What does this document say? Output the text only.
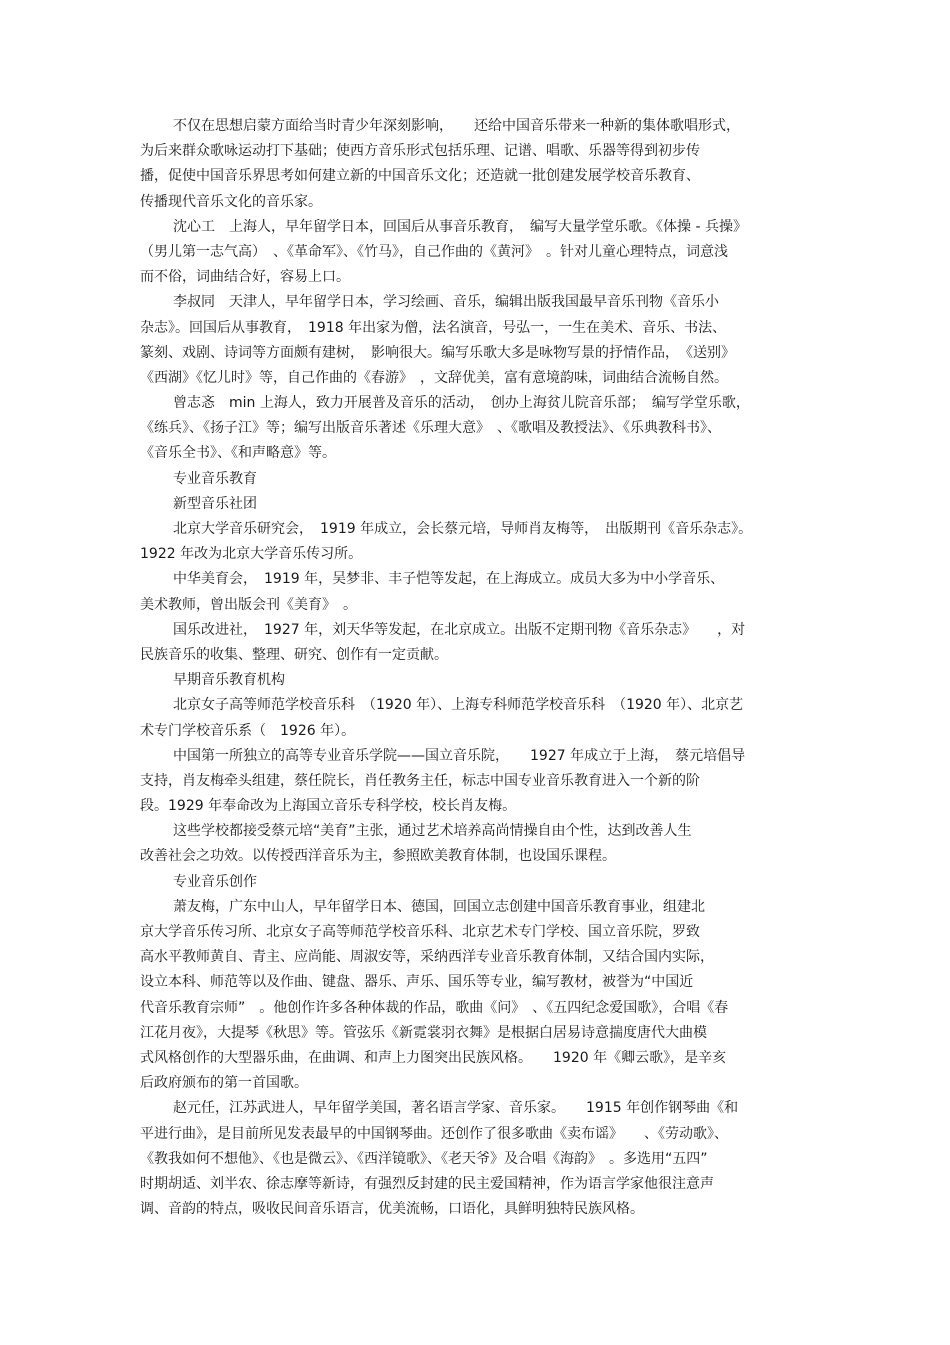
不仅在思想启蒙方面给当时青少年深刻影响，　　还给中国音乐带来一种新的集体歌唱形式，
为后来群众歌咏运动打下基础；使西方音乐形式包括乐理、记谱、唱歌、乐器等得到初步传
播，促使中国音乐界思考如何建立新的中国音乐文化；还造就一批创建发展学校音乐教育、
传播现代音乐文化的音乐家。
沈心工　上海人，早年留学日本，回国后从事音乐教育，　编写大量学堂乐歌。《体操 - 兵操》
（男儿第一志气高）　、《革命军》、《竹马》，自己作曲的《黄河》　。针对儿童心理特点，词意浅
而不俗，词曲结合好，容易上口。
李叔同　天津人，早年留学日本，学习绘画、音乐，编辑出版我国最早音乐刊物《音乐小
杂志》。回国后从事教育，　1918 年出家为僧，法名演音，号弘一，一生在美术、音乐、书法、
篆刻、戏剧、诗词等方面颇有建树，　影响很大。编写乐歌大多是咏物写景的抒情作品，　《送别》
《西湖》《忆儿时》等，自己作曲的《春游》　，文辞优美，富有意境韵味，词曲结合流畅自然。
曾志忞　min 上海人，致力开展普及音乐的活动，　创办上海贫儿院音乐部；　编写学堂乐歌，
《练兵》、《扬子江》等；编写出版音乐著述《乐理大意》　、《歌唱及教授法》、《乐典教科书》、
《音乐全书》、《和声略意》等。
专业音乐教育
新型音乐社团
北京大学音乐研究会，　1919 年成立，会长蔡元培，导师肖友梅等，　出版期刊《音乐杂志》。
1922 年改为北京大学音乐传习所。
中华美育会，　1919 年，吴梦非、丰子恺等发起，在上海成立。成员大多为中小学音乐、
美术教师，曾出版会刊《美育》　。
国乐改进社，　1927 年，刘天华等发起，在北京成立。出版不定期刊物《音乐杂志》　　，对
民族音乐的收集、整理、研究、创作有一定贡献。
早期音乐教育机构
北京女子高等师范学校音乐科　（1920 年）、上海专科师范学校音乐科　（1920 年）、北京艺
术专门学校音乐系（　1926 年）。
中国第一所独立的高等专业音乐学院——国立音乐院，　　1927 年成立于上海，　蔡元培倡导
支持，肖友梅牵头组建，蔡任院长，肖任教务主任，标志中国专业音乐教育进入一个新的阶
段。1929 年奉命改为上海国立音乐专科学校，校长肖友梅。
这些学校都接受蔡元培“美育”主张，通过艺术培养高尚情操自由个性，达到改善人生
改善社会之功效。以传授西洋音乐为主，参照欧美教育体制，也设国乐课程。
专业音乐创作
萧友梅，广东中山人，早年留学日本、德国，回国立志创建中国音乐教育事业，组建北
京大学音乐传习所、北京女子高等师范学校音乐科、北京艺术专门学校、国立音乐院，罗致
高水平教师黄自、青主、应尚能、周淑安等，采纳西洋专业音乐教育体制，又结合国内实际，
设立本科、师范等以及作曲、键盘、器乐、声乐、国乐等专业，编写教材，被誉为“中国近
代音乐教育宗师”　。他创作许多各种体裁的作品，歌曲《问》　、《五四纪念爱国歌》，合唱《春
江花月夜》，大提琴《秋思》等。管弦乐《新霓裳羽衣舞》是根据白居易诗意揣度唐代大曲模
式风格创作的大型器乐曲，在曲调、和声上力图突出民族风格。　　1920 年《卿云歌》，是辛亥
后政府颁布的第一首国歌。
赵元任，江苏武进人，早年留学美国，著名语言学家、音乐家。　　1915 年创作钢琴曲《和
平进行曲》，是目前所见发表最早的中国钢琴曲。还创作了很多歌曲《卖布谣》　　、《劳动歌》、
《教我如何不想他》、《也是微云》、《西洋镜歌》、《老天爷》及合唱《海韵》　。多选用“五四”
时期胡适、刘半农、徐志摩等新诗，有强烈反封建的民主爱国精神，作为语言学家他很注意声
调、音韵的特点，吸收民间音乐语言，优美流畅，口语化，具鲜明独特民族风格。
